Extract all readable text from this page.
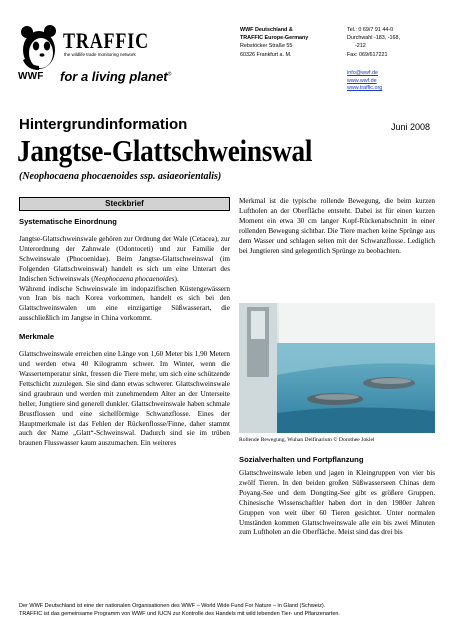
WWF
TRAFFIC
the wildlife trade monitoring network
for a living planet®
WWF Deutschland &
TRAFFIC Europe-Germany
Rebstöcker Straße 55
60326 Frankfurt a. M.
Tel.: 0 69/7 91 44-0
Durchwahl -183, -168,
-212
Fax: 069/617221
info@wwf.de
www.wwf.de
www.traffic.org
Hintergrundinformation	Juni 2008
Jangtse-Glattschweinswal
(Neophocaena phocaenoides ssp. asiaeorientalis)
Steckbrief
Systematische Einordnung
Jangtse-Glattschweinswale gehören zur Ordnung der Wale (Cetacea), zur Unterordnung der Zahnwale (Odontoceti) und zur Familie der Schweinswale (Phocoenidae). Beim Jangtse-Glattschweinswal (im Folgenden Glattschweinswal) handelt es sich um eine Unterart des Indischen Schweinswals (Neophocaena phocaenoides).
Während indische Schweinswale im indopazifischen Küstengewässern von Iran bis nach Korea vorkommen, handelt es sich bei den Glattschweinswalen um eine einzigartige Süßwasserart, die ausschließlich im Jangtse in China vorkommt.
Merkmale
Glattschweinswale erreichen eine Länge von 1,60 Meter bis 1,90 Metern und werden etwa 40 Kilogramm schwer. Im Winter, wenn die Wassertemperatur sinkt, fressen die Tiere mehr, um sich eine schützende Fettschicht zuzulegen. Sie sind dann etwas schwerer. Glattschweinswale sind graubraun und werden mit zunehmendem Alter an der Unterseite heller, Jungtiere sind generell dunkler. Glattschweinswale haben schmale Brustflossen und eine sichelförmige Schwanzflosse. Eines der Hauptmerkmale ist das Fehlen der Rückenflosse/Finne, daher stammt auch der Name „Glatt“-Schweinswal. Dadurch sind sie im trüben braunen Flusswasser kaum auszumachen. Ein weiteres
Merkmal ist die typische rollende Bewegung, die beim kurzen Luftholen an der Oberfläche entsteht. Dabei ist für einen kurzen Moment ein etwa 30 cm langer Kopf-Rückenabschnitt in einer rollenden Bewegung sichtbar. Die Tiere machen keine Sprünge aus dem Wasser und schlagen selten mit der Schwanzflosse. Lediglich bei Jungtieren sind gelegentlich Sprünge zu beobachten.
Rollende Bewegung, Wuhan Delfinarium © Dorothee Jokiel
Sozialverhalten und Fortpflanzung
Glattschweinswale leben und jagen in Kleingruppen von vier bis zwölf Tieren. In den beiden großen Süßwasserseen Chinas dem Poyang-See und dem Dongting-See gibt es größere Gruppen. Chinesische Wissenschaftler haben dort in den 1980er Jahren Gruppen von weit über 60 Tieren gesichtet. Unter normalen Umständen kommen Glattschweinswale alle ein bis zwei Minuten zum Luftholen an die Oberfläche. Meist sind das drei bis
Der WWF Deutschland ist eine der nationalen Organisationen des WWF – World Wide Fund For Nature – in Gland (Schweiz).
TRAFFIC ist das gemeinsame Programm von WWF und IUCN zur Kontrolle des Handels mit wild lebenden Tier- und Pflanzenarten.
